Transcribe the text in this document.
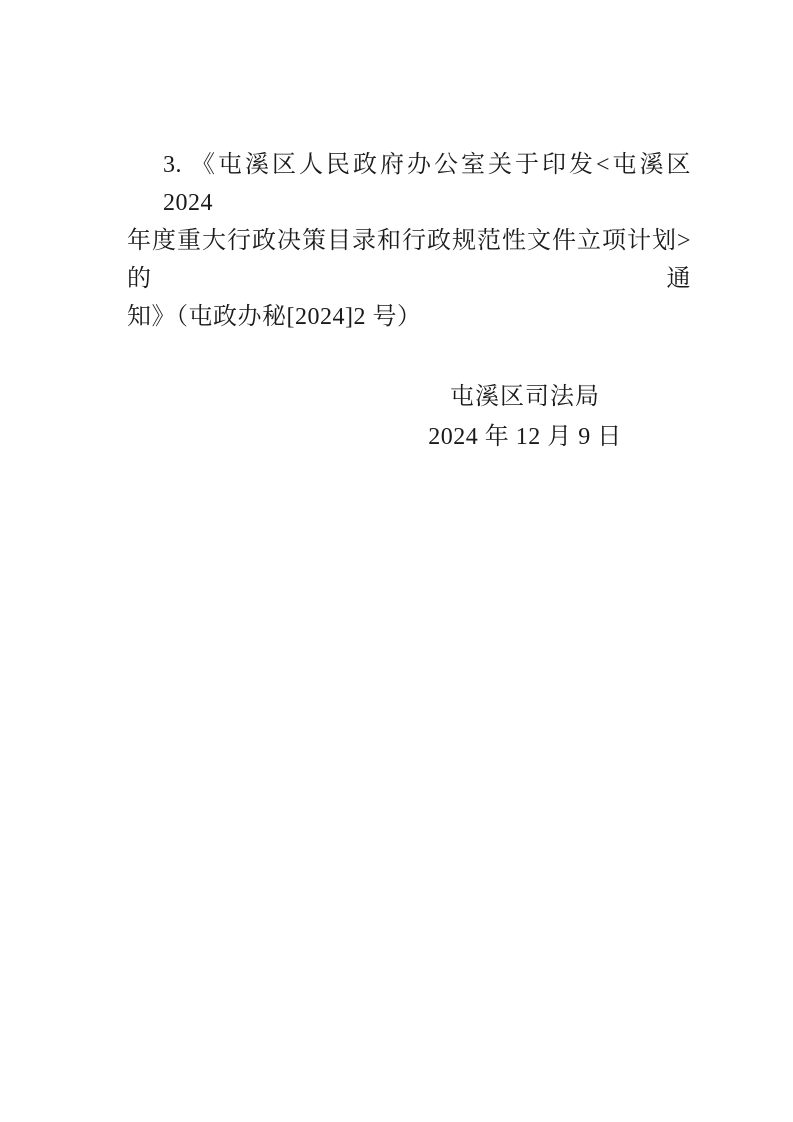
3. 《屯溪区人民政府办公室关于印发<屯溪区 2024
年度重大行政决策目录和行政规范性文件立项计划>的通
知》（屯政办秘[2024]2 号）
屯溪区司法局
2024 年 12 月 9 日
